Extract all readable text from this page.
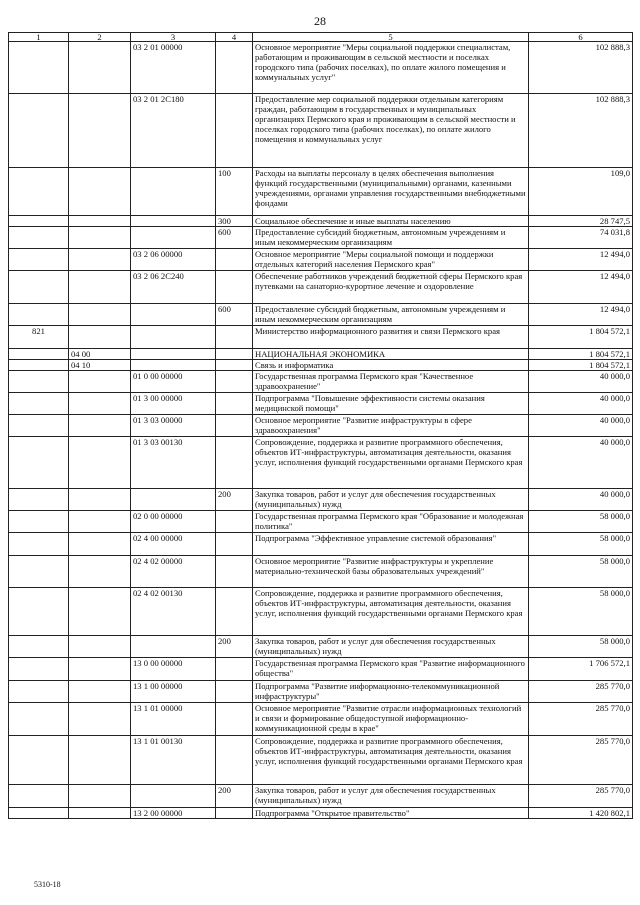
28
1	2	3	4	5	6
		03 2 01 00000		Основное мероприятие "Меры социальной поддержки специалистам, работающим и проживающим в сельской местности и поселках городского типа (рабочих поселках), по оплате жилого помещения и коммунальных услуг"	102 888,3
		03 2 01 2С180		Предоставление мер социальной поддержки отдельным категориям граждан, работающим в государственных и муниципальных организациях Пермского края и проживающим в сельской местности и поселках городского типа (рабочих поселках), по оплате жилого помещения и коммунальных услуг	102 888,3
			100	Расходы на выплаты персоналу в целях обеспечения выполнения функций государственными (муниципальными) органами, казенными учреждениями, органами управления государственными внебюджетными фондами	109,0
			300	Социальное обеспечение и иные выплаты населению	28 747,5
			600	Предоставление субсидий бюджетным, автономным учреждениям и иным некоммерческим организациям	74 031,8
		03 2 06 00000		Основное мероприятие "Меры социальной помощи и поддержки отдельных категорий населения Пермского края"	12 494,0
		03 2 06 2С240		Обеспечение работников учреждений бюджетной сферы Пермского края путевками на санаторно-курортное лечение и оздоровление	12 494,0
			600	Предоставление субсидий бюджетным, автономным учреждениям и иным некоммерческим организациям	12 494,0
821				Министерство информационного развития и связи Пермского края	1 804 572,1
	04 00			НАЦИОНАЛЬНАЯ ЭКОНОМИКА	1 804 572,1
	04 10			Связь и информатика	1 804 572,1
		01 0 00 00000		Государственная программа Пермского края "Качественное здравоохранение"	40 000,0
		01 3 00 00000		Подпрограмма "Повышение эффективности системы оказания медицинской помощи"	40 000,0
		01 3 03 00000		Основное мероприятие "Развитие инфраструктуры в сфере здравоохранения"	40 000,0
		01 3 03 00130		Сопровождение, поддержка и развитие программного обеспечения, объектов ИТ-инфраструктуры, автоматизация деятельности, оказания услуг, исполнения функций государственными органами Пермского края	40 000,0
			200	Закупка товаров, работ и услуг для обеспечения государственных (муниципальных) нужд	40 000,0
		02 0 00 00000		Государственная программа Пермского края "Образование и молодежная политика"	58 000,0
		02 4 00 00000		Подпрограмма "Эффективное управление системой образования"	58 000,0
		02 4 02 00000		Основное мероприятие "Развитие инфраструктуры и укрепление материально-технической базы образовательных учреждений"	58 000,0
		02 4 02 00130		Сопровождение, поддержка и развитие программного обеспечения, объектов ИТ-инфраструктуры, автоматизация деятельности, оказания услуг, исполнения функций государственными органами Пермского края	58 000,0
			200	Закупка товаров, работ и услуг для обеспечения государственных (муниципальных) нужд	58 000,0
		13 0 00 00000		Государственная программа Пермского края "Развитие информационного общества"	1 706 572,1
		13 1 00 00000		Подпрограмма "Развитие информационно-телекоммуникационной инфраструктуры"	285 770,0
		13 1 01 00000		Основное мероприятие "Развитие отрасли информационных технологий и связи и формирование общедоступной информационно-коммуникационной среды в крае"	285 770,0
		13 1 01 00130		Сопровождение, поддержка и развитие программного обеспечения, объектов ИТ-инфраструктуры, автоматизация деятельности, оказания услуг, исполнения функций государственными органами Пермского края	285 770,0
			200	Закупка товаров, работ и услуг для обеспечения государственных (муниципальных) нужд	285 770,0
		13 2 00 00000		Подпрограмма "Открытое правительство"	1 420 802,1
5310-18
